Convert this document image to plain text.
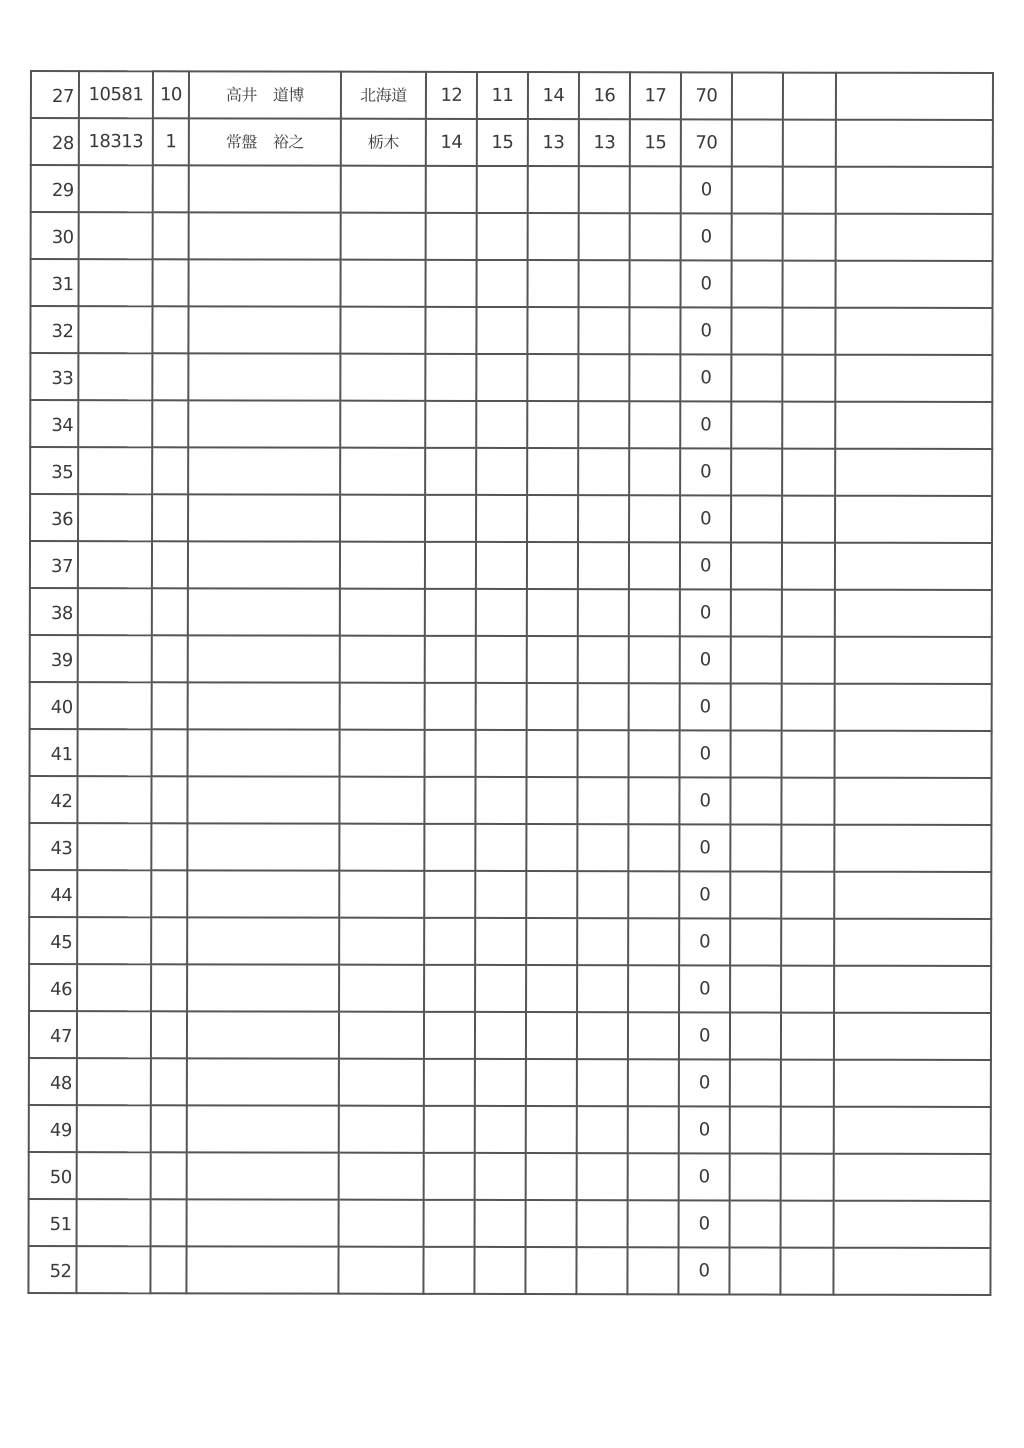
27	10581	10	高井 道博	北海道	12	11	14	16	17	70			
28	18313	1	常盤 裕之	栃木	14	15	13	13	15	70			
29										0			
30										0			
31										0			
32										0			
33										0			
34										0			
35										0			
36										0			
37										0			
38										0			
39										0			
40										0			
41										0			
42										0			
43										0			
44										0			
45										0			
46										0			
47										0			
48										0			
49										0			
50										0			
51										0			
52										0			
